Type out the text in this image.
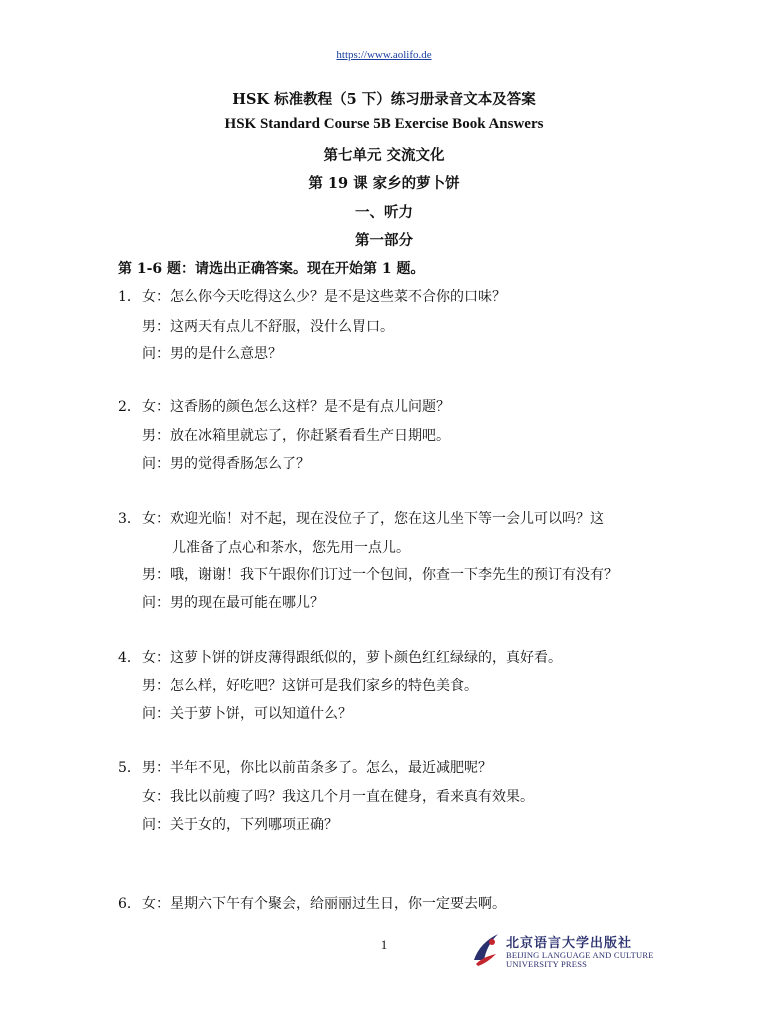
https://www.aolifo.de
HSK 标准教程（5 下）练习册录音文本及答案
HSK Standard Course 5B Exercise Book Answers
第七单元 交流文化
第 19 课 家乡的萝卜饼
一、听力
第一部分
第 1-6 题：请选出正确答案。现在开始第 1 题。
1． 女：怎么你今天吃得这么少？是不是这些菜不合你的口味？
男：这两天有点儿不舒服，没什么胃口。
问：男的是什么意思？
2． 女：这香肠的颜色怎么这样？是不是有点儿问题？
男：放在冰箱里就忘了，你赶紧看看生产日期吧。
问：男的觉得香肠怎么了？
3． 女：欢迎光临！对不起，现在没位子了，您在这儿坐下等一会儿可以吗？这
儿准备了点心和茶水，您先用一点儿。
男：哦，谢谢！我下午跟你们订过一个包间，你查一下李先生的预订有没有？
问：男的现在最可能在哪儿？
4． 女：这萝卜饼的饼皮薄得跟纸似的，萝卜颜色红红绿绿的，真好看。
男：怎么样，好吃吧？这饼可是我们家乡的特色美食。
问：关于萝卜饼，可以知道什么？
5． 男：半年不见，你比以前苗条多了。怎么，最近减肥呢？
女：我比以前瘦了吗？我这几个月一直在健身，看来真有效果。
问：关于女的，下列哪项正确？
6． 女：星期六下午有个聚会，给丽丽过生日，你一定要去啊。
1	北京语言大学出版社
BEIJING LANGUAGE AND CULTURE
UNIVERSITY PRESS
